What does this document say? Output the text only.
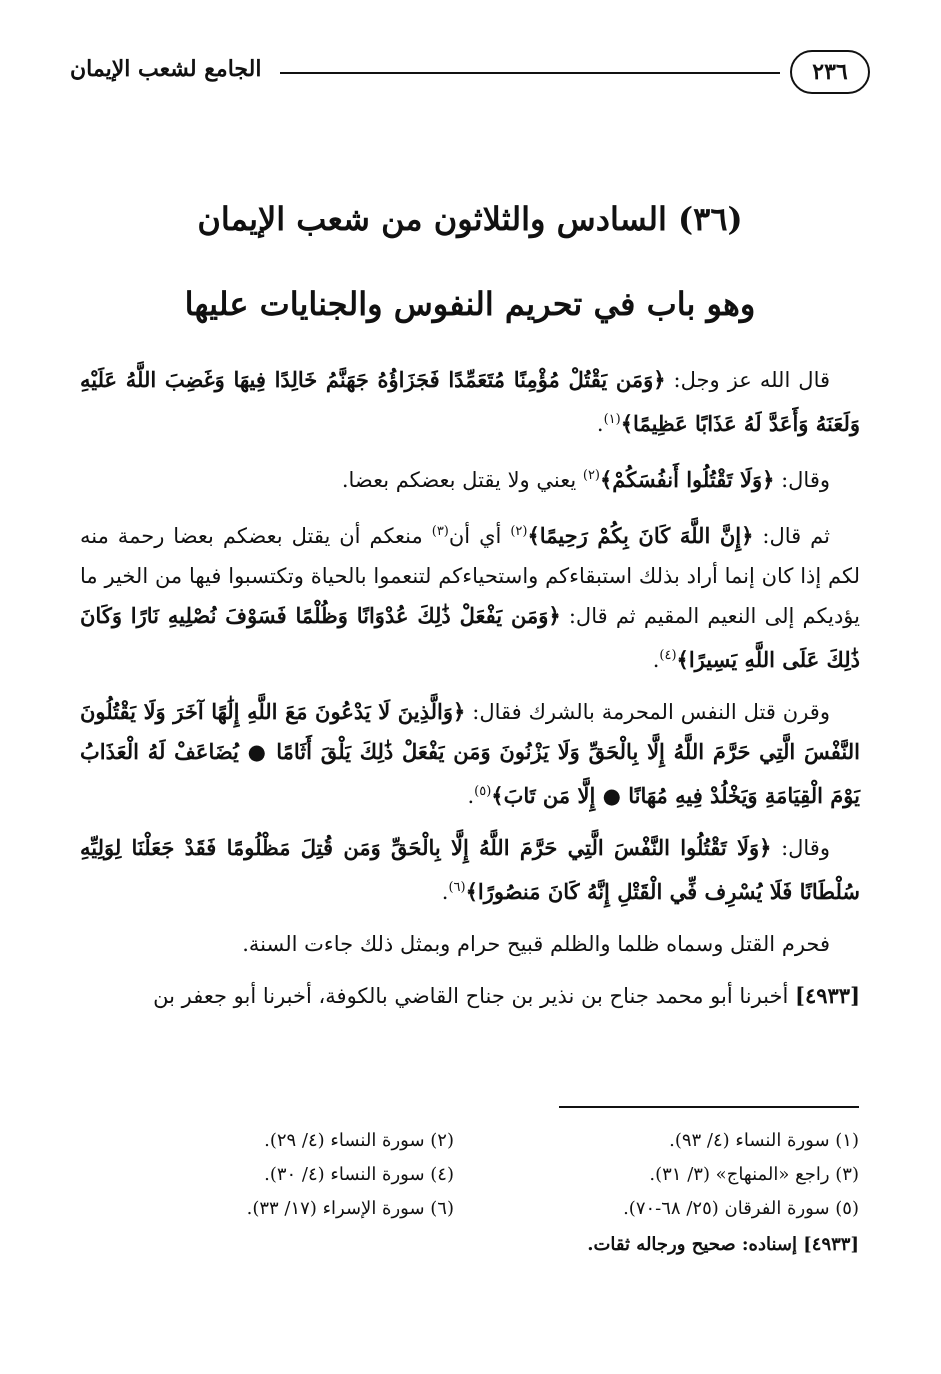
٢٣٦
الجامع لشعب الإيمان
(٣٦) السادس والثلاثون من شعب الإيمان
وهو باب في تحريم النفوس والجنايات عليها

قال الله عز وجل: ﴿وَمَن يَقْتُلْ مُؤْمِنًا مُتَعَمِّدًا فَجَزَاؤُهُ جَهَنَّمُ خَالِدًا فِيهَا وَغَضِبَ اللَّهُ عَلَيْهِ وَلَعَنَهُ وَأَعَدَّ لَهُ عَذَابًا عَظِيمًا﴾$^{(١)}$.

وقال: ﴿وَلَا تَقْتُلُوا أَنفُسَكُمْ﴾$^{(٢)}$ يعني ولا يقتل بعضكم بعضا.

ثم قال: ﴿إِنَّ اللَّهَ كَانَ بِكُمْ رَحِيمًا﴾$^{(٢)}$ أي أن$^{(٣)}$ منعكم أن يقتل بعضكم بعضا رحمة منه لكم إذا كان إنما أراد بذلك استبقاءكم واستحياءكم لتنعموا بالحياة وتكتسبوا فيها من الخير ما يؤديكم إلى النعيم المقيم ثم قال: ﴿وَمَن يَفْعَلْ ذَٰلِكَ عُدْوَانًا وَظُلْمًا فَسَوْفَ نُصْلِيهِ نَارًا وَكَانَ ذَٰلِكَ عَلَى اللَّهِ يَسِيرًا﴾$^{(٤)}$.

وقرن قتل النفس المحرمة بالشرك فقال: ﴿وَالَّذِينَ لَا يَدْعُونَ مَعَ اللَّهِ إِلَٰهًا آخَرَ وَلَا يَقْتُلُونَ النَّفْسَ الَّتِي حَرَّمَ اللَّهُ إِلَّا بِالْحَقِّ وَلَا يَزْنُونَ وَمَن يَفْعَلْ ذَٰلِكَ يَلْقَ أَثَامًا ● يُضَاعَفْ لَهُ الْعَذَابُ يَوْمَ الْقِيَامَةِ وَيَخْلُدْ فِيهِ مُهَانًا ● إِلَّا مَن تَابَ﴾$^{(٥)}$.

وقال: ﴿وَلَا تَقْتُلُوا النَّفْسَ الَّتِي حَرَّمَ اللَّهُ إِلَّا بِالْحَقِّ وَمَن قُتِلَ مَظْلُومًا فَقَدْ جَعَلْنَا لِوَلِيِّهِ سُلْطَانًا فَلَا يُسْرِف فِّي الْقَتْلِ إِنَّهُ كَانَ مَنصُورًا﴾$^{(٦)}$.

فحرم القتل وسماه ظلما والظلم قبيح حرام وبمثل ذلك جاءت السنة.

[٤٩٣٣] أخبرنا أبو محمد جناح بن نذير بن جناح القاضي بالكوفة، أخبرنا أبو جعفر بن

(١) سورة النساء (٤/ ٩٣).
(٢) سورة النساء (٤/ ٢٩).
(٣) راجع «المنهاج» (٣/ ٣١).
(٤) سورة النساء (٤/ ٣٠).
(٥) سورة الفرقان (٢٥/ ٦٨-٧٠).
(٦) سورة الإسراء (١٧/ ٣٣).
[٤٩٣٣] إسناده: صحيح ورجاله ثقات.
